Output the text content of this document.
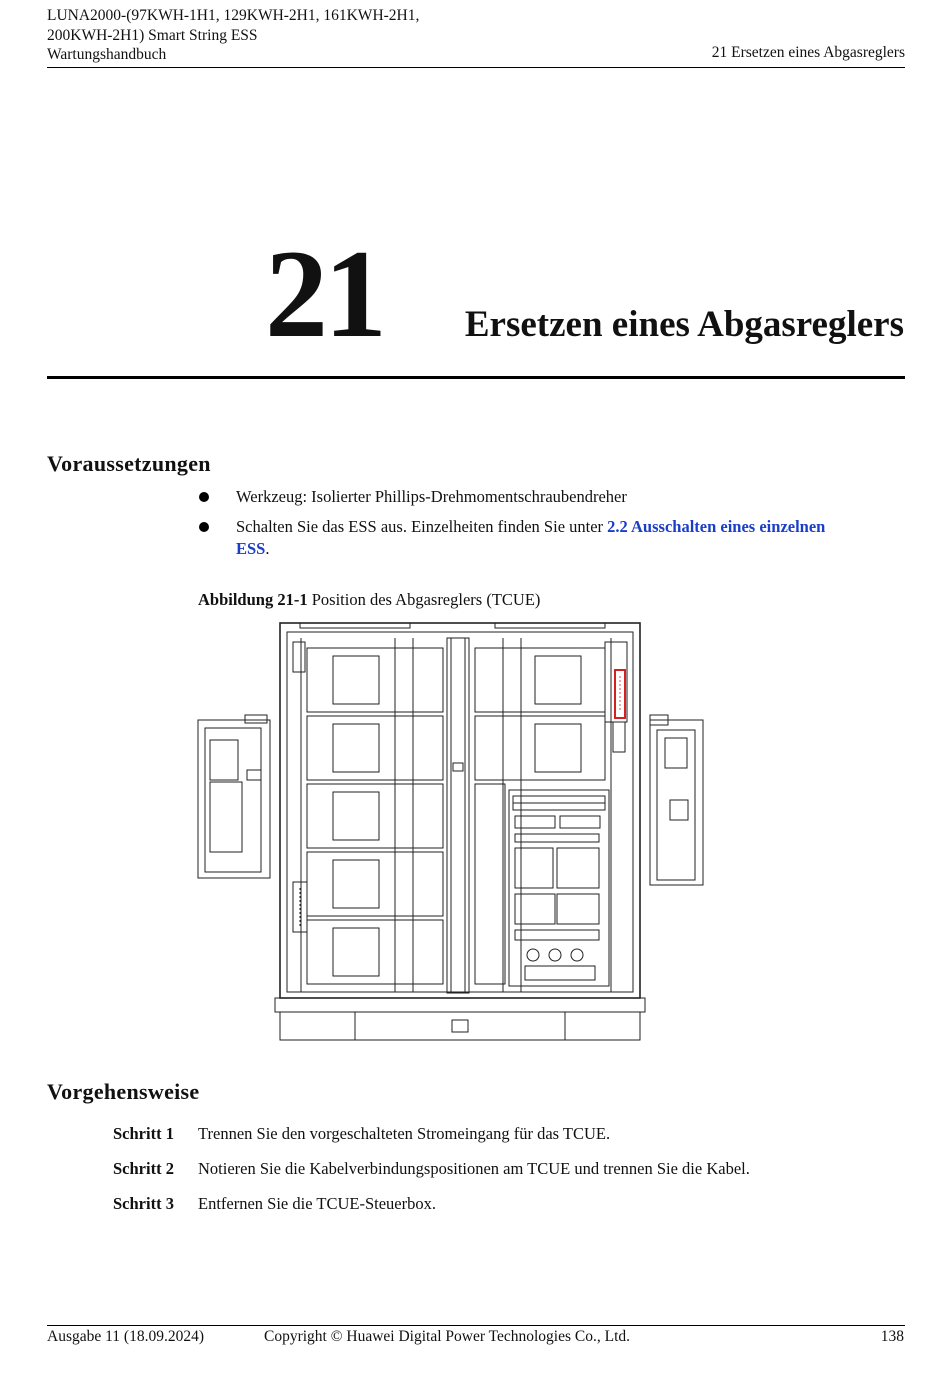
LUNA2000-(97KWH-1H1, 129KWH-2H1, 161KWH-2H1,
200KWH-2H1) Smart String ESS
Wartungshandbuch	21 Ersetzen eines Abgasreglers
21 Ersetzen eines Abgasreglers
Voraussetzungen
Werkzeug: Isolierter Phillips-Drehmomentschraubendreher
Schalten Sie das ESS aus. Einzelheiten finden Sie unter 2.2 Ausschalten eines einzelnen ESS.
Abbildung 21-1 Position des Abgasreglers (TCUE)
Vorgehensweise
Schritt 1	Trennen Sie den vorgeschalteten Stromeingang für das TCUE.
Schritt 2	Notieren Sie die Kabelverbindungspositionen am TCUE und trennen Sie die Kabel.
Schritt 3	Entfernen Sie die TCUE-Steuerbox.
Ausgabe 11 (18.09.2024)	Copyright © Huawei Digital Power Technologies Co., Ltd.	138
